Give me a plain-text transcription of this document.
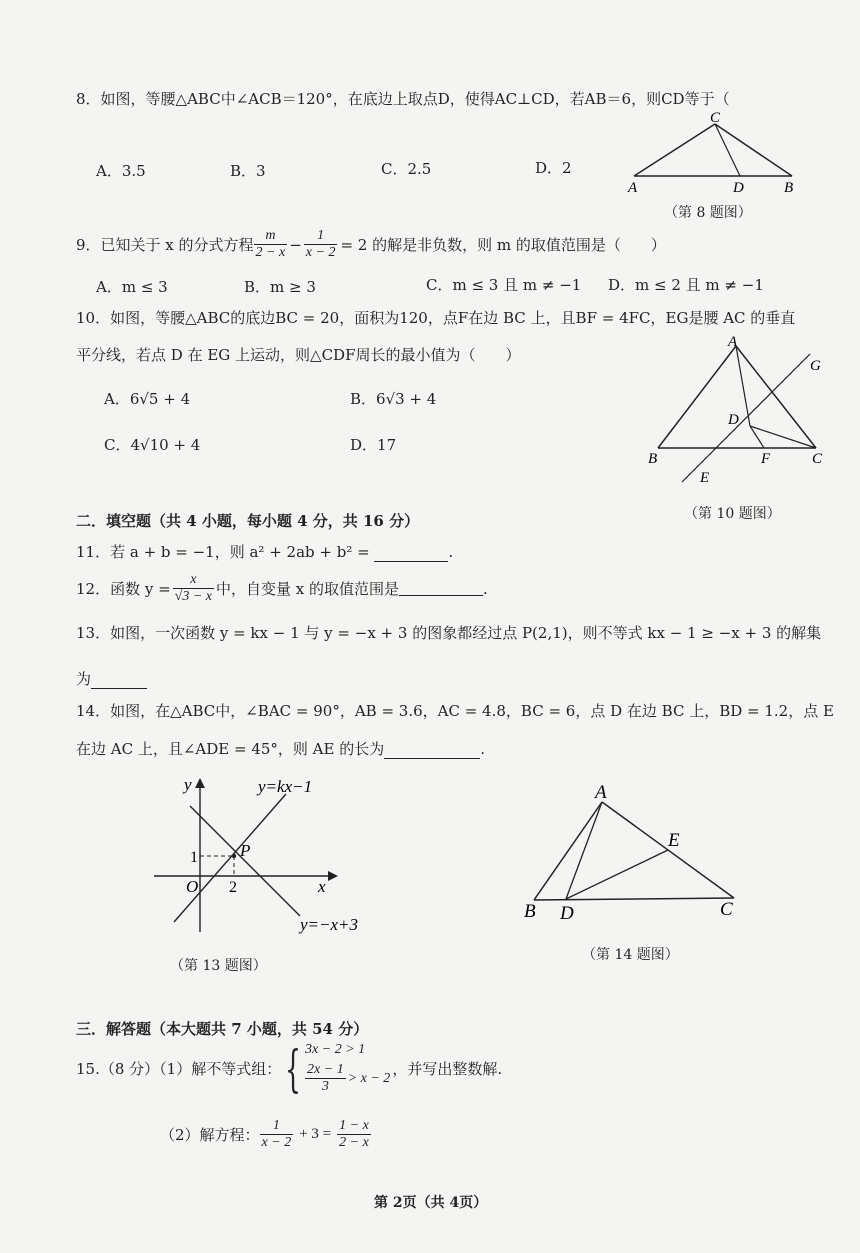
8．如图，等腰△ABC中∠ACB＝120°，在底边上取点D，使得AC⊥CD，若AB＝6，则CD等于（
A．3.5	B．3	C．2.5	D．2
C
A	D	B
（第 8 题图）
9．已知关于 x 的分式方程 $\frac{m}{2 - x} - \frac{1}{x - 2} = 2$ 的解是非负数，则 m 的取值范围是（　　）
A．m ≤ 3	B．m ≥ 3	C．m ≤ 3 且 m ≠ −1 D．m ≤ 2 且 m ≠ −1
10．如图，等腰△ABC的底边BC = 20，面积为120，点F在边 BC 上，且BF = 4FC，EG是腰 AC 的垂直
平分线，若点 D 在 EG 上运动，则△CDF周长的最小值为（　　）
A．6√5 + 4	B．6√3 + 4
C．4√10 + 4	D．17
A
G
D
B	F	C
E
（第 10 题图）
二．填空题（共 4 小题，每小题 4 分，共 16 分）
11．若 a + b = −1，则 a² + 2ab + b² =	.
12．函数 $y = \frac{x}{√3 - x}$ 中，自变量 x 的取值范围是	.
13．如图，一次函数 y = kx − 1 与 y = −x + 3 的图象都经过点 P(2,1)，则不等式 kx − 1 ≥ −x + 3 的解集
为
14．如图，在△ABC中，∠BAC = 90°，AB = 3.6，AC = 4.8，BC = 6，点 D 在边 BC 上，BD = 1.2，点 E
在边 AC 上，且∠ADE = 45°，则 AE 的长为	.
y
x
O
1
2
P
y=kx−1
y=−x+3
（第 13 题图）
A
E
B D	C
（第 14 题图）
三．解答题（本大题共 7 小题，共 54 分）
15.（8 分）（1）解不等式组： { 3x − 2 > 1
$\frac{2x - 1}{3} > x - 2$ ，并写出整数解.
（2）解方程： $\frac{1}{x - 2} + 3 = \frac{1 - x}{2 - x}$
第 2页（共 4页）
